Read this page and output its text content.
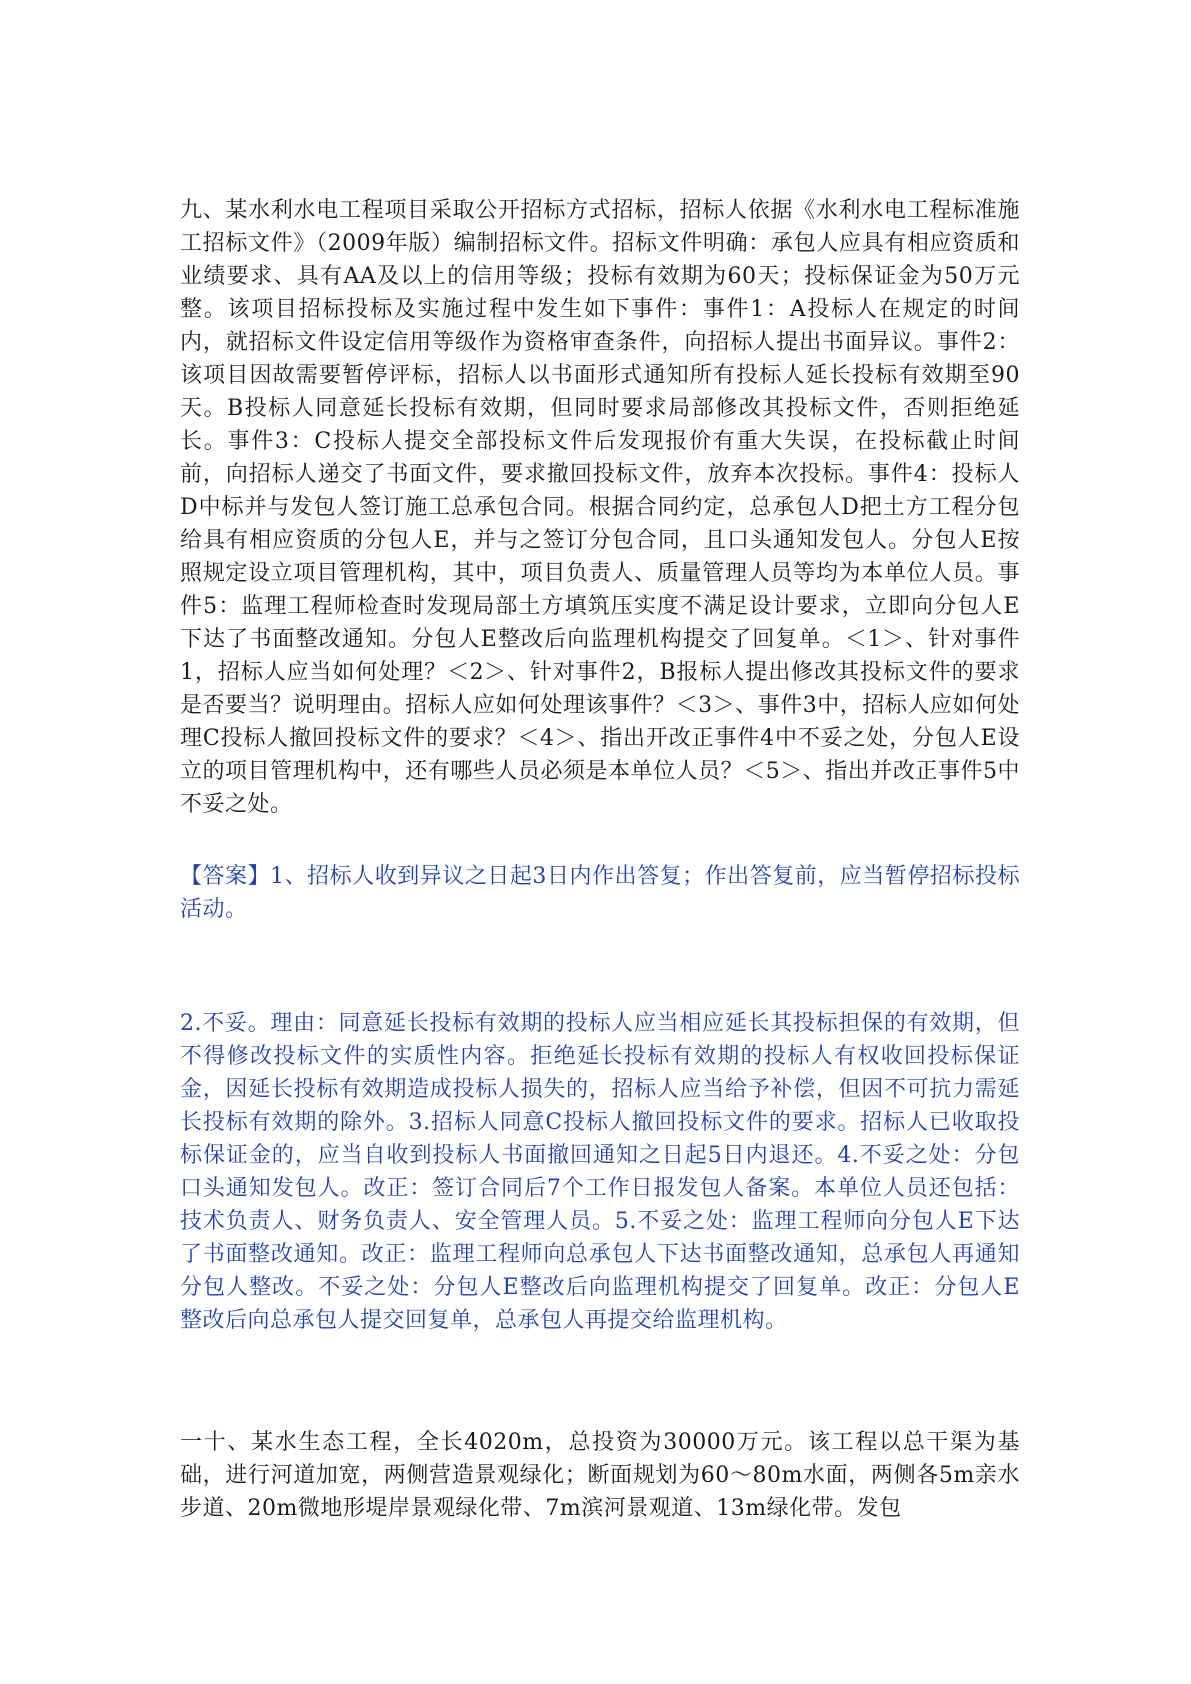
九、某水利水电工程项目采取公开招标方式招标，招标人依据《水利水电工程标准施工招标文件》（2009年版）编制招标文件。招标文件明确：承包人应具有相应资质和业绩要求、具有AA及以上的信用等级；投标有效期为60天；投标保证金为50万元整。该项目招标投标及实施过程中发生如下事件：事件1：A投标人在规定的时间内，就招标文件设定信用等级作为资格审查条件，向招标人提出书面异议。事件2：该项目因故需要暂停评标，招标人以书面形式通知所有投标人延长投标有效期至90天。B投标人同意延长投标有效期，但同时要求局部修改其投标文件，否则拒绝延长。事件3：C投标人提交全部投标文件后发现报价有重大失误，在投标截止时间前，向招标人递交了书面文件，要求撤回投标文件，放弃本次投标。事件4：投标人D中标并与发包人签订施工总承包合同。根据合同约定，总承包人D把土方工程分包给具有相应资质的分包人E，并与之签订分包合同，且口头通知发包人。分包人E按照规定设立项目管理机构，其中，项目负责人、质量管理人员等均为本单位人员。事件5：监理工程师检查时发现局部土方填筑压实度不满足设计要求，立即向分包人E下达了书面整改通知。分包人E整改后向监理机构提交了回复单。＜1＞、针对事件1，招标人应当如何处理？＜2＞、针对事件2，B报标人提出修改其投标文件的要求是否要当？说明理由。招标人应如何处理该事件？＜3＞、事件3中，招标人应如何处理C投标人撤回投标文件的要求？＜4＞、指出开改正事件4中不妥之处，分包人E设立的项目管理机构中，还有哪些人员必须是本单位人员？＜5＞、指出并改正事件5中不妥之处。

【答案】1、招标人收到异议之日起3日内作出答复；作出答复前，应当暂停招标投标活动。

2.不妥。理由：同意延长投标有效期的投标人应当相应延长其投标担保的有效期，但不得修改投标文件的实质性内容。拒绝延长投标有效期的投标人有权收回投标保证金，因延长投标有效期造成投标人损失的，招标人应当给予补偿，但因不可抗力需延长投标有效期的除外。3.招标人同意C投标人撤回投标文件的要求。招标人已收取投标保证金的，应当自收到投标人书面撤回通知之日起5日内退还。4.不妥之处：分包口头通知发包人。改正：签订合同后7个工作日报发包人备案。本单位人员还包括：技术负责人、财务负责人、安全管理人员。5.不妥之处：监理工程师向分包人E下达了书面整改通知。改正：监理工程师向总承包人下达书面整改通知，总承包人再通知分包人整改。不妥之处：分包人E整改后向监理机构提交了回复单。改正：分包人E整改后向总承包人提交回复单，总承包人再提交给监理机构。

一十、某水生态工程，全长4020m，总投资为30000万元。该工程以总干渠为基础，进行河道加宽，两侧营造景观绿化；断面规划为60～80m水面，两侧各5m亲水步道、20m微地形堤岸景观绿化带、7m滨河景观道、13m绿化带。发包
